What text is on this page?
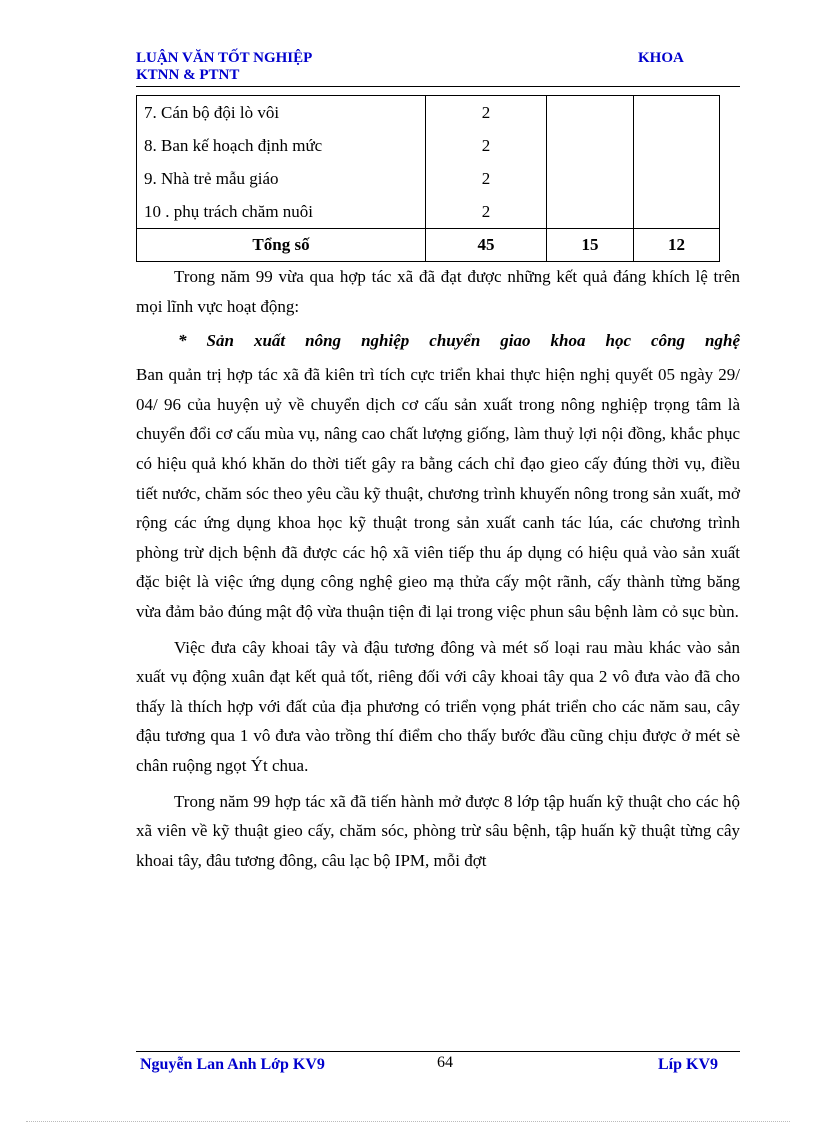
LUẬN VĂN TỐT NGHIỆP
KTNN & PTNT
KHOA
7. Cán bộ đội lò vôi	2		
8. Ban kế hoạch định mức	2		
9. Nhà trẻ mẫu giáo	2		
10 . phụ trách chăm nuôi	2		
Tổng số	45	15	12

Trong năm 99 vừa qua hợp tác xã đã đạt được những kết quả đáng khích lệ trên mọi lĩnh vực hoạt động:

* Sản xuất nông nghiệp chuyển giao khoa học công nghệ

Ban quản trị hợp tác xã đã kiên trì tích cực triển khai thực hiện nghị quyết 05 ngày 29/ 04/ 96 của huyện uỷ về chuyển dịch cơ cấu sản xuất trong nông nghiệp trọng tâm là chuyển đổi cơ cấu mùa vụ, nâng cao chất lượng giống, làm thuỷ lợi nội đồng, khắc phục có hiệu quả khó khăn do thời tiết gây ra bằng cách chỉ đạo gieo cấy đúng thời vụ, điều tiết nước, chăm sóc theo yêu cầu kỹ thuật, chương trình khuyến nông trong sản xuất, mở rộng các ứng dụng khoa học kỹ thuật trong sản xuất canh tác lúa, các chương trình phòng trừ dịch bệnh đã được các hộ xã viên tiếp thu áp dụng có hiệu quả vào sản xuất đặc biệt là việc ứng dụng công nghệ gieo mạ thửa cấy một rãnh, cấy thành từng băng vừa đảm bảo đúng mật độ vừa thuận tiện đi lại trong việc phun sâu bệnh làm cỏ sục bùn.

Việc đưa cây khoai tây và đậu tương đông và mét số loại rau màu khác vào sản xuất vụ động xuân đạt kết quả tốt, riêng đối với cây khoai tây qua 2 vô đưa vào đã cho thấy là thích hợp với đất của địa phương có triển vọng phát triển cho các năm sau, cây đậu tương qua 1 vô đưa vào trồng thí điểm cho thấy bước đầu cũng chịu được ở mét sè chân ruộng ngọt Ýt chua.

Trong năm 99 hợp tác xã đã tiến hành mở được 8 lớp tập huấn kỹ thuật cho các hộ xã viên về kỹ thuật gieo cấy, chăm sóc, phòng trừ sâu bệnh, tập huấn kỹ thuật từng cây khoai tây, đâu tương đông, câu lạc bộ IPM, mỗi đợt

Nguyễn Lan Anh Lớp KV9	64	Líp KV9
